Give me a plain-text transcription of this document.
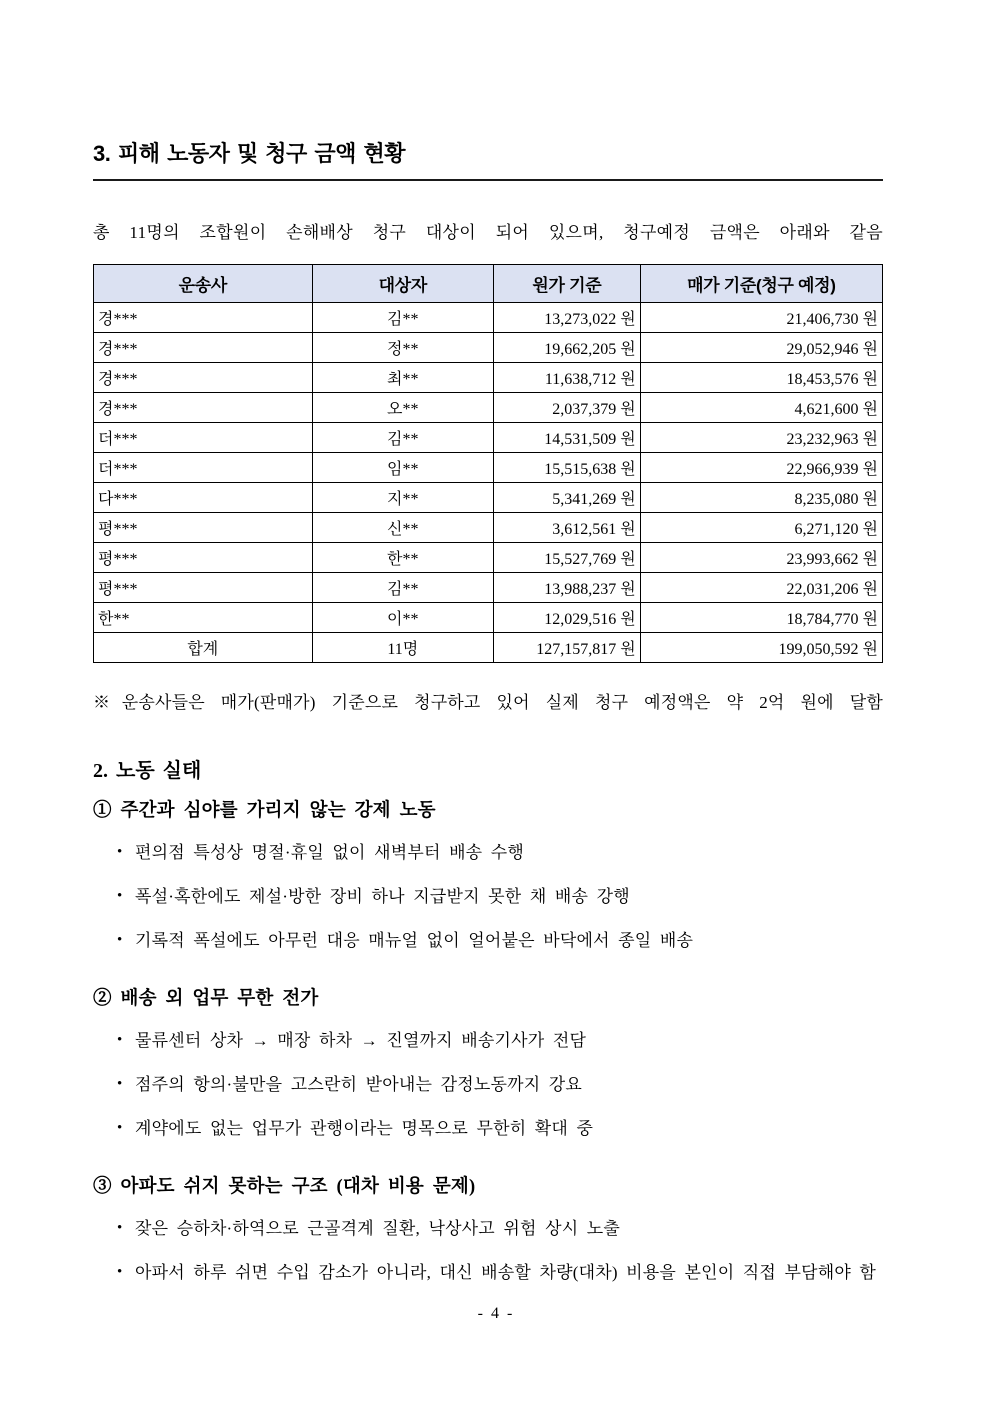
3. 피해 노동자 및 청구 금액 현황

총 11명의 조합원이 손해배상 청구 대상이 되어 있으며, 청구예정 금액은 아래와 같음

운송사	대상자	원가 기준	매가 기준(청구 예정)
경***	김**	13,273,022 원	21,406,730 원
경***	정**	19,662,205 원	29,052,946 원
경***	최**	11,638,712 원	18,453,576 원
경***	오**	2,037,379 원	4,621,600 원
더***	김**	14,531,509 원	23,232,963 원
더***	임**	15,515,638 원	22,966,939 원
다***	지**	5,341,269 원	8,235,080 원
평***	신**	3,612,561 원	6,271,120 원
평***	한**	15,527,769 원	23,993,662 원
평***	김**	13,988,237 원	22,031,206 원
한**	이**	12,029,516 원	18,784,770 원
합계	11명	127,157,817 원	199,050,592 원

※운송사들은 매가(판매가) 기준으로 청구하고 있어 실제 청구 예정액은 약 2억 원에 달함

2. 노동 실태
① 주간과 심야를 가리지 않는 강제 노동
• 편의점 특성상 명절·휴일 없이 새벽부터 배송 수행
• 폭설·혹한에도 제설·방한 장비 하나 지급받지 못한 채 배송 강행
• 기록적 폭설에도 아무런 대응 매뉴얼 없이 얼어붙은 바닥에서 종일 배송
② 배송 외 업무 무한 전가
• 물류센터 상차 → 매장 하차 → 진열까지 배송기사가 전담
• 점주의 항의·불만을 고스란히 받아내는 감정노동까지 강요
• 계약에도 없는 업무가 관행이라는 명목으로 무한히 확대 중
③ 아파도 쉬지 못하는 구조 (대차 비용 문제)
• 잦은 승하차·하역으로 근골격계 질환, 낙상사고 위험 상시 노출
• 아파서 하루 쉬면 수입 감소가 아니라, 대신 배송할 차량(대차) 비용을 본인이 직접 부담해야 함
- 4 -
